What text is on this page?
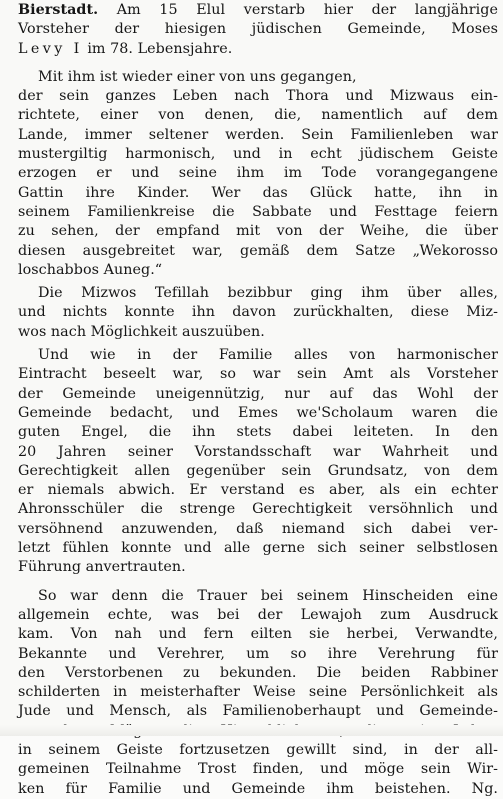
Bierstadt. Am 15 Elul verstarb hier der langjährige
Vorsteher der hiesigen jüdischen Gemeinde, Moses
Levy I im 78. Lebensjahre.
Mit ihm ist wieder einer von uns gegangen,
der sein ganzes Leben nach Thora und Mizwaus ein-
richtete, einer von denen, die, namentlich auf dem
Lande, immer seltener werden. Sein Familienleben war
mustergiltig harmonisch, und in echt jüdischem Geiste
erzogen er und seine ihm im Tode vorangegangene
Gattin ihre Kinder. Wer das Glück hatte, ihn in
seinem Familienkreise die Sabbate und Festtage feiern
zu sehen, der empfand mit von der Weihe, die über
diesen ausgebreitet war, gemäß dem Satze „Wekorosso
loschabbos Auneg.“
Die Mizwos Tefillah bezibbur ging ihm über alles,
und nichts konnte ihn davon zurückhalten, diese Miz-
wos nach Möglichkeit auszuüben.
Und wie in der Familie alles von harmonischer
Eintracht beseelt war, so war sein Amt als Vorsteher
der Gemeinde uneigennützig, nur auf das Wohl der
Gemeinde bedacht, und Emes we'Scholaum waren die
guten Engel, die ihn stets dabei leiteten. In den
20 Jahren seiner Vorstandsschaft war Wahrheit und
Gerechtigkeit allen gegenüber sein Grundsatz, von dem
er niemals abwich. Er verstand es aber, als ein echter
Ahronsschüler die strenge Gerechtigkeit versöhnlich und
versöhnend anzuwenden, daß niemand sich dabei ver-
letzt fühlen konnte und alle gerne sich seiner selbstlosen
Führung anvertrauten.
So war denn die Trauer bei seinem Hinscheiden eine
allgemein echte, was bei der Lewajoh zum Ausdruck
kam. Von nah und fern eilten sie herbei, Verwandte,
Bekannte und Verehrer, um so ihre Verehrung für
den Verstorbenen zu bekunden. Die beiden Rabbiner
schilderten in meisterhafter Weise seine Persönlichkeit als
Jude und Mensch, als Familienoberhaupt und Gemeinde-
in seinem Geiste fortzusetzen gewillt sind, in der all-
gemeinen Teilnahme Trost finden, und möge sein Wir-
ken für Familie und Gemeinde ihm beistehen. Ng.
